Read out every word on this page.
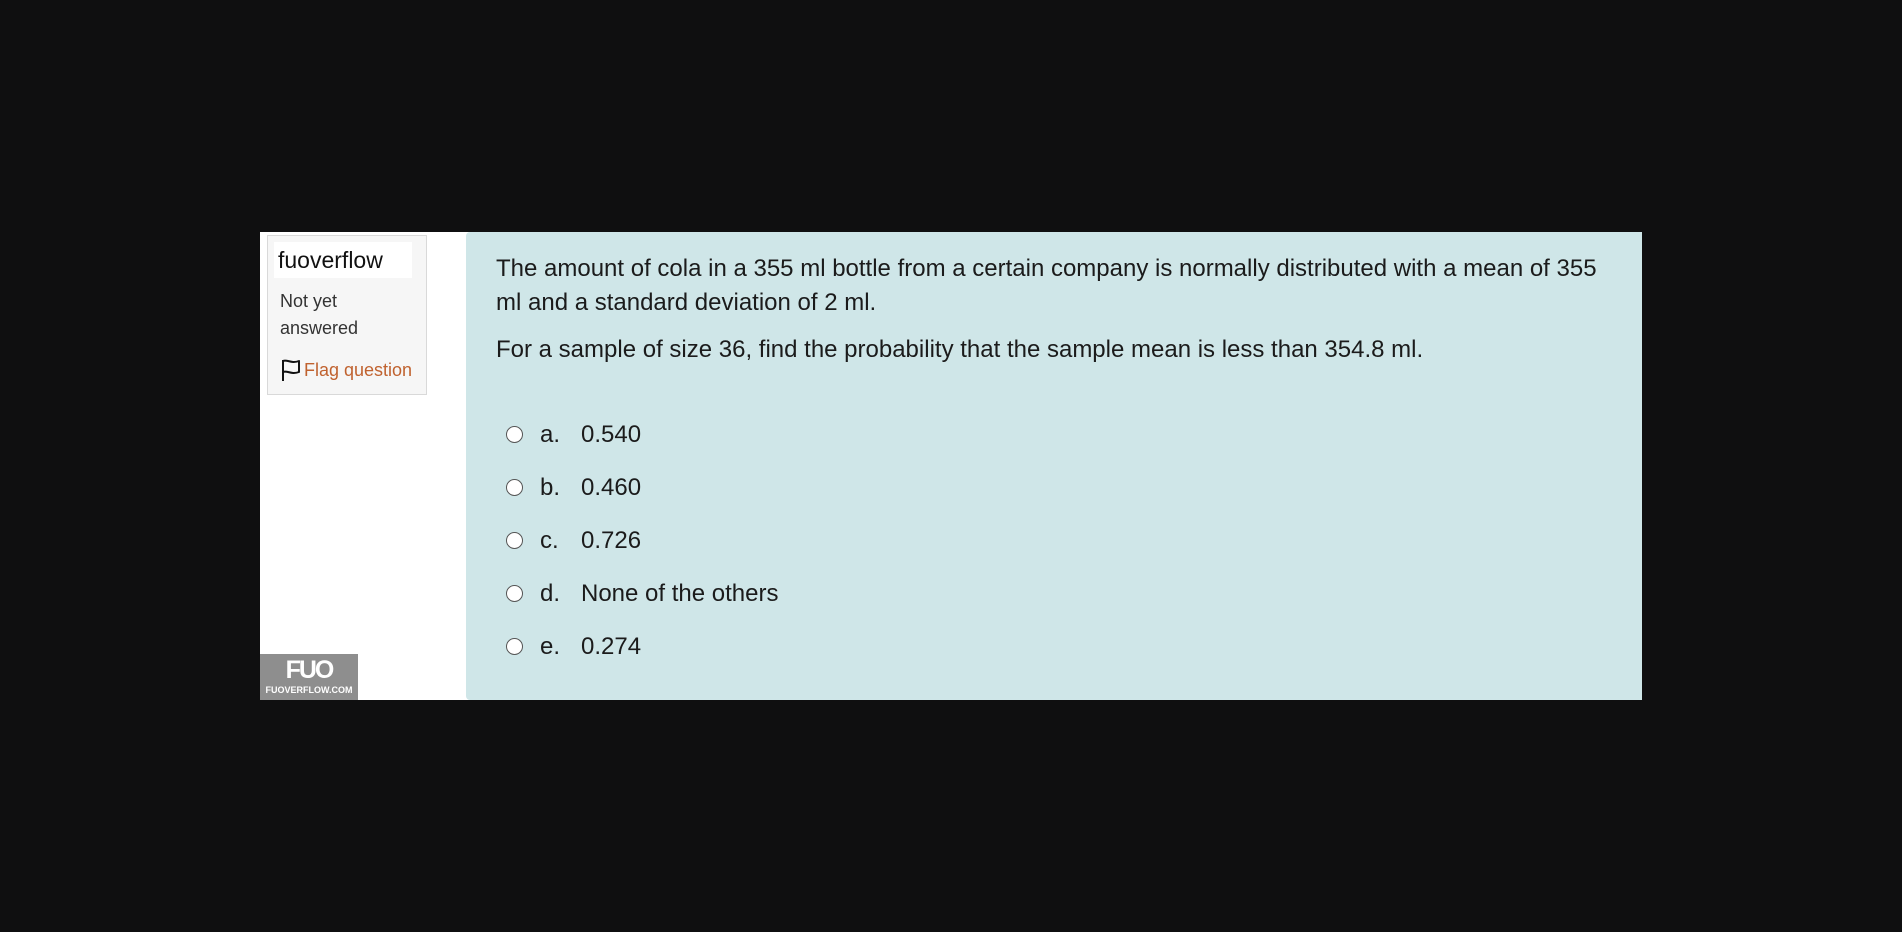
fuoverflow
Not yet answered
Flag question
FUO
FUOVERFLOW.COM

The amount of cola in a 355 ml bottle from a certain company is normally distributed with a mean of 355 ml and a standard deviation of 2 ml.

For a sample of size 36, find the probability that the sample mean is less than 354.8 ml.

a. 0.540
b. 0.460
c. 0.726
d. None of the others
e. 0.274
